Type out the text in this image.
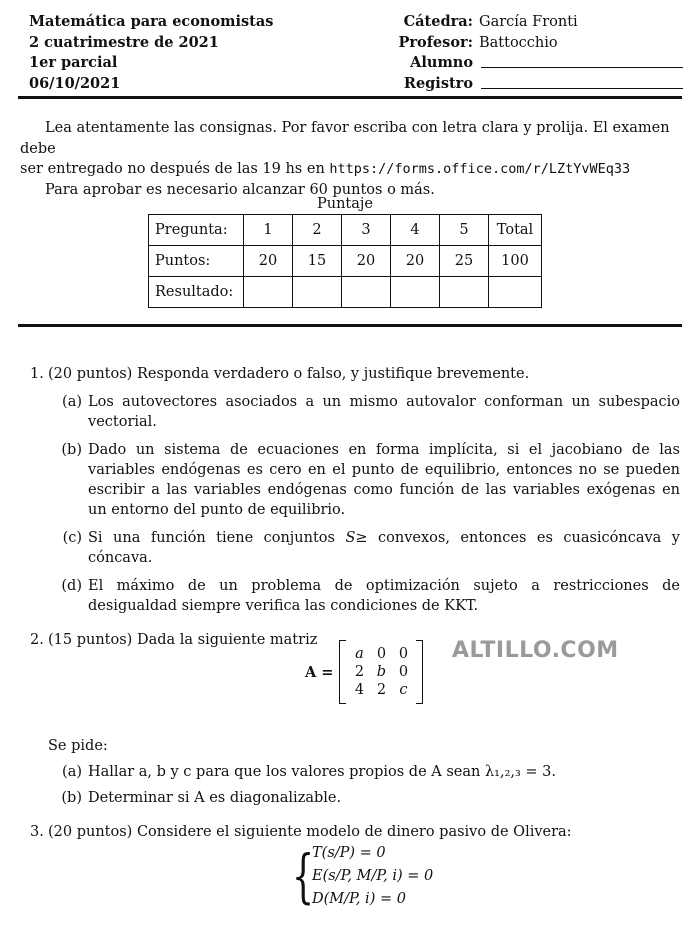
Matemática para economistas
2 cuatrimestre de 2021
1er parcial
06/10/2021
Cátedra: García Fronti
Profesor: Battocchio
Alumno
Registro

Lea atentamente las consignas. Por favor escriba con letra clara y prolija. El examen debe

ser entregado no después de las 19 hs en https://forms.office.com/r/LZtYvWEq33

Para aprobar es necesario alcanzar 60 puntos o más.

Puntaje
Pregunta:	1	2	3	4	5	Total
Puntos:	20	15	20	20	25	100
Resultado:						
1. (20 puntos) Responda verdadero o falso, y justifique brevemente.
(a) Los autovectores asociados a un mismo autovalor conforman un subespacio vectorial.
(b) Dado un sistema de ecuaciones en forma implícita, si el jacobiano de las variables endógenas es cero en el punto de equilibrio, entonces no se pueden escribir a las variables endógenas como función de las variables exógenas en un entorno del punto de equilibrio.
(c) Si una función tiene conjuntos S≥ convexos, entonces es cuasicóncava y cóncava.
(d) El máximo de un problema de optimización sujeto a restricciones de desigualdad siempre verifica las condiciones de KKT.
2. (15 puntos) Dada la siguiente matriz
Se pide:
(a) Hallar a, b y c para que los valores propios de A sean λ₁,₂,₃ = 3.
(b) Determinar si A es diagonalizable.
3. (20 puntos) Considere el siguiente modelo de dinero pasivo de Olivera:
A =
a 0 0
2 b 0
4 2 c
ALTILLO.COM
{
T(s/P) = 0
E(s/P, M/P, i) = 0
D(M/P, i) = 0
